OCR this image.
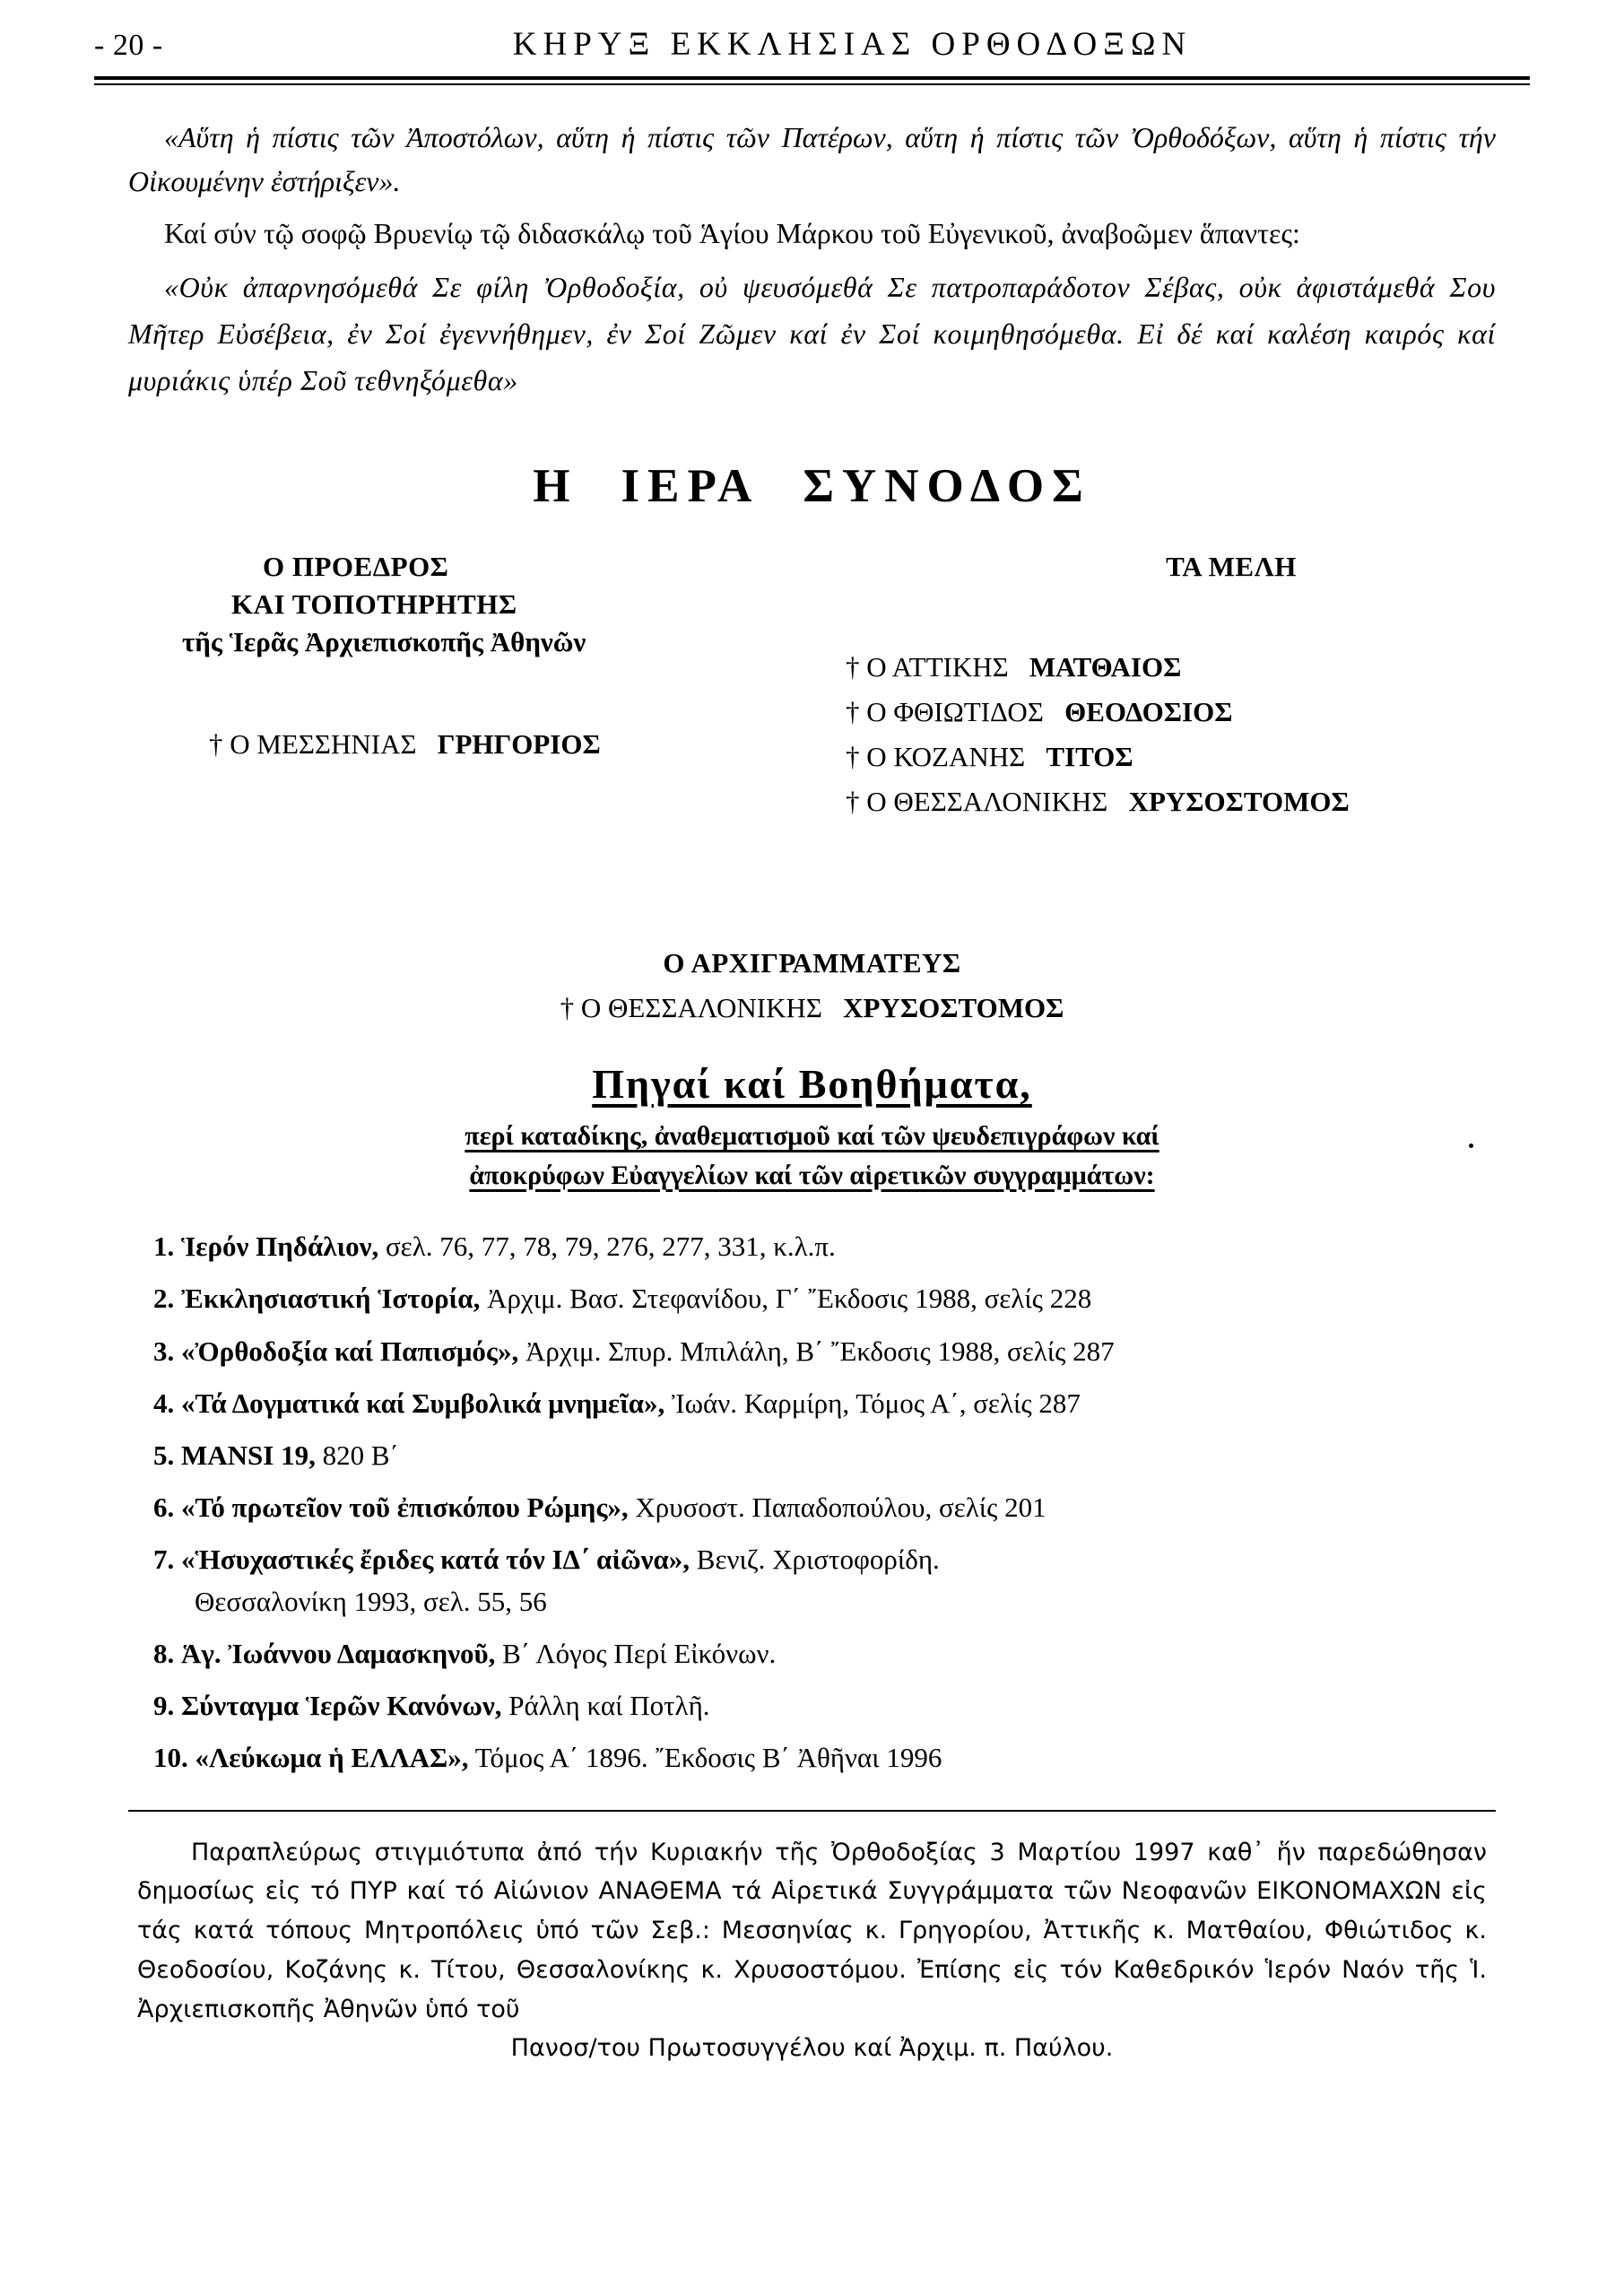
- 20 -	ΚΗΡΥΞ ΕΚΚΛΗΣΙΑΣ ΟΡΘΟΔΟΞΩΝ

«Αὕτη ἡ πίστις τῶν Ἀποστόλων, αὕτη ἡ πίστις τῶν Πατέρων, αὕτη ἡ πίστις τῶν Ὀρθοδόξων, αὕτη ἡ πίστις τήν Οἰκουμένην ἐστήριξεν».

Καί σύν τῷ σοφῷ Βρυενίῳ τῷ διδασκάλῳ τοῦ Ἁγίου Μάρκου τοῦ Εὐγενικοῦ, ἀναβοῶμεν ἅπαντες:

«Οὐκ ἀπαρνησόμεθά Σε φίλη Ὀρθοδοξία, οὐ ψευσόμεθά Σε πατροπαράδοτον Σέβας, οὐκ ἀφιστάμεθά Σου Μῆτερ Εὐσέβεια, ἐν Σοί ἐγεννήθημεν, ἐν Σοί Ζῶμεν καί ἐν Σοί κοιμηθησόμεθα. Εἰ δέ καί καλέση καιρός καί μυριάκις ὑπέρ Σοῦ τεθνηξόμεθα»

Η ΙΕΡΑ ΣΥΝΟΔΟΣ
Ο ΠΡΟΕΔΡΟΣ
ΚΑΙ ΤΟΠΟΤΗΡΗΤΗΣ
τῆς Ἱερᾶς Ἀρχιεπισκοπῆς Ἀθηνῶν
† Ο ΜΕΣΣΗΝΙΑΣ ΓΡΗΓΟΡΙΟΣ
ΤΑ ΜΕΛΗ
† Ο ΑΤΤΙΚΗΣ ΜΑΤΘΑΙΟΣ
† Ο ΦΘΙΩΤΙΔΟΣ ΘΕΟΔΟΣΙΟΣ
† Ο ΚΟΖΑΝΗΣ ΤΙΤΟΣ
† Ο ΘΕΣΣΑΛΟΝΙΚΗΣ ΧΡΥΣΟΣΤΟΜΟΣ
Ο ΑΡΧΙΓΡΑΜΜΑΤΕΥΣ
† Ο ΘΕΣΣΑΛΟΝΙΚΗΣ ΧΡΥΣΟΣΤΟΜΟΣ
Πηγαί καί Βοηθήματα,
περί καταδίκης, ἀναθεματισμοῦ καί τῶν ψευδεπιγράφων καί
ἀποκρύφων Εὐαγγελίων καί τῶν αἱρετικῶν συγγραμμάτων:
1. Ἱερόν Πηδάλιον, σελ. 76, 77, 78, 79, 276, 277, 331, κ.λ.π.
2. Ἐκκλησιαστική Ἱστορία, Ἀρχιμ. Βασ. Στεφανίδου, Γ΄ ῎Εκδοσις 1988, σελίς 228
3. «Ὀρθοδοξία καί Παπισμός», Ἀρχιμ. Σπυρ. Μπιλάλη, Β΄ ῎Εκδοσις 1988, σελίς 287
4. «Τά Δογματικά καί Συμβολικά μνημεῖα», Ἰωάν. Καρμίρη, Τόμος Α΄, σελίς 287
5. MANSI 19, 820 Β΄
6. «Τό πρωτεῖον τοῦ ἐπισκόπου Ρώμης», Χρυσοστ. Παπαδοπούλου, σελίς 201
7. «Ἡσυχαστικές ἔριδες κατά τόν ΙΔ΄ αἰῶνα», Βενιζ. Χριστοφορίδη.
Θεσσαλονίκη 1993, σελ. 55, 56
8. Ἁγ. Ἰωάννου Δαμασκηνοῦ, Β΄ Λόγος Περί Εἰκόνων.
9. Σύνταγμα Ἱερῶν Κανόνων, Ράλλη καί Ποτλῆ.
10. «Λεύκωμα ἡ ΕΛΛΑΣ», Τόμος Α΄ 1896. ῎Εκδοσις Β΄ Ἀθῆναι 1996
Παραπλεύρως στιγμιότυπα ἀπό τήν Κυριακήν τῆς Ὀρθοδοξίας 3 Μαρτίου 1997 καθ᾿ ἥν παρεδώθησαν δημοσίως εἰς τό ΠΥΡ καί τό Αἰώνιον ΑΝΑΘΕΜΑ τά Αἱρετικά Συγγράμματα τῶν Νεοφανῶν ΕΙΚΟΝΟΜΑΧΩΝ εἰς τάς κατά τόπους Μητροπόλεις ὑπό τῶν Σεβ.: Μεσσηνίας κ. Γρηγορίου, Ἀττικῆς κ. Ματθαίου, Φθιώτιδος κ. Θεοδοσίου, Κοζάνης κ. Τίτου, Θεσσαλονίκης κ. Χρυσοστόμου. Ἐπίσης εἰς τόν Καθεδρικόν Ἱερόν Ναόν τῆς Ἱ. Ἀρχιεπισκοπῆς Ἀθηνῶν ὑπό τοῦ
Πανοσ/του Πρωτοσυγγέλου καί Ἀρχιμ. π. Παύλου.
